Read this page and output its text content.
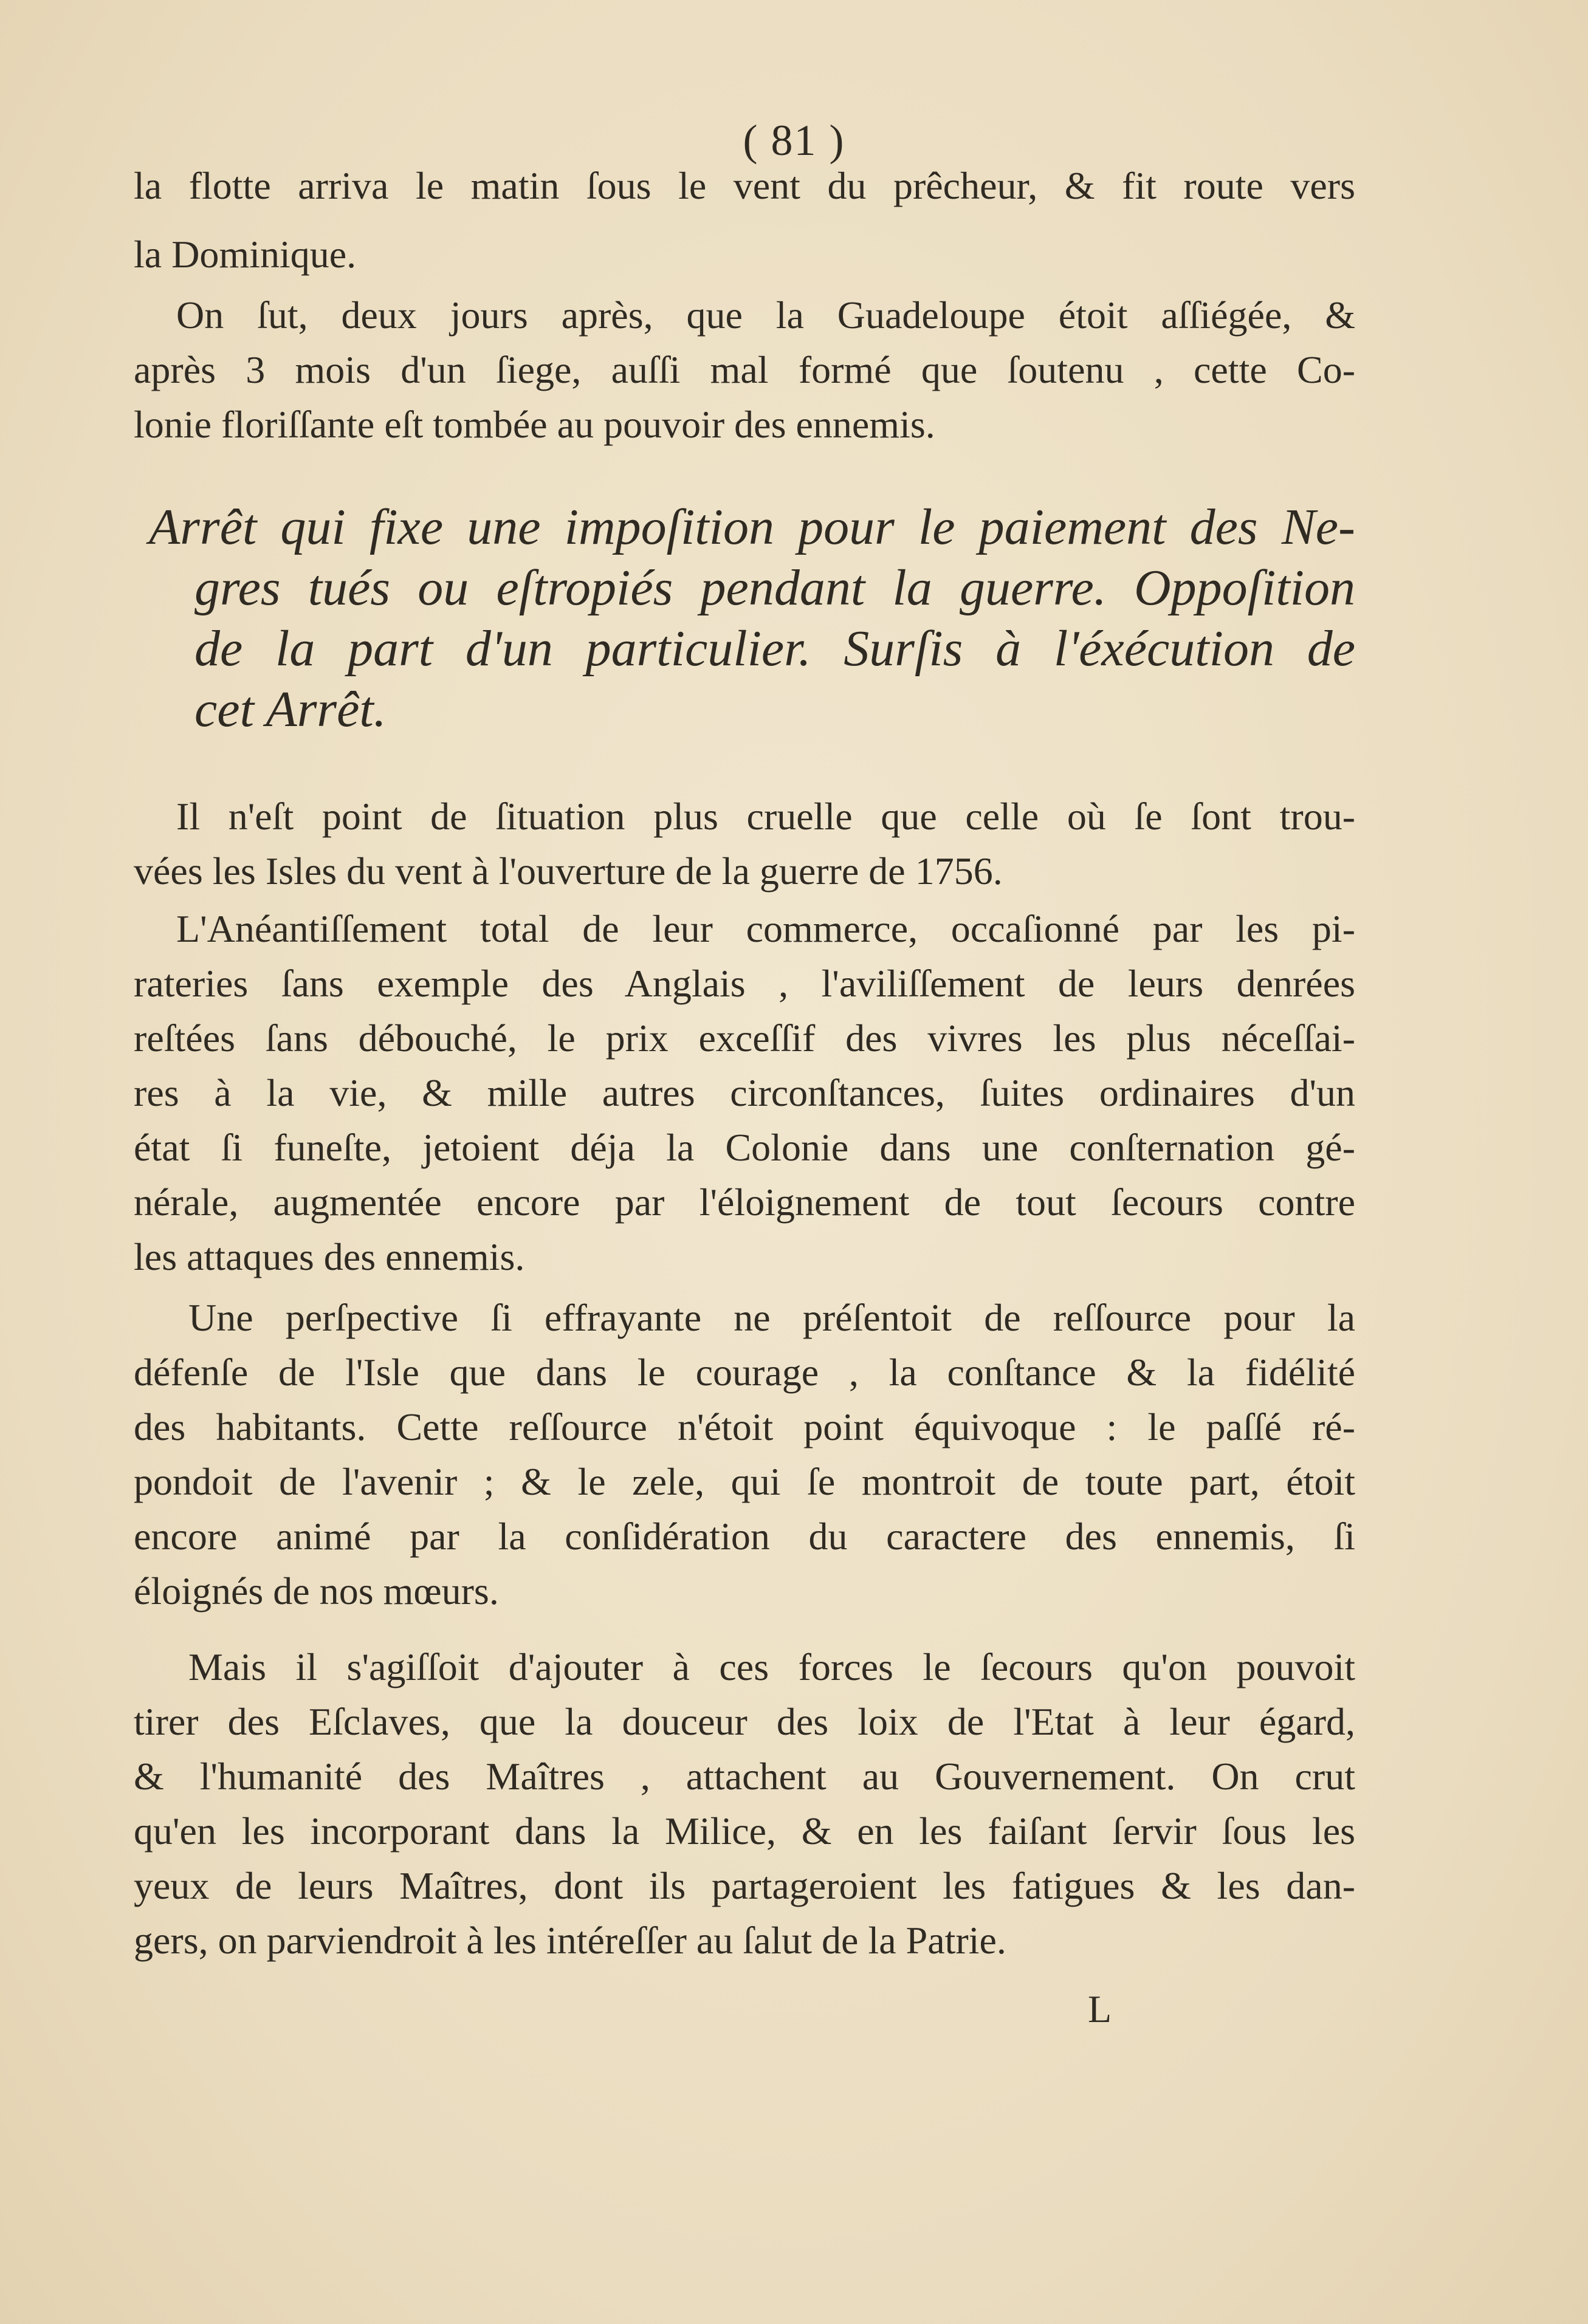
( 81 )
la flotte arriva le matin ſous le vent du prêcheur, & fit route vers
la Dominique.
On ſut, deux jours après, que la Guadeloupe étoit aſſiégée, &
après 3 mois d'un ſiege, auſſi mal formé que ſoutenu , cette Co-
lonie floriſſante eſt tombée au pouvoir des ennemis.
Arrêt qui fixe une impoſition pour le paiement des Ne-
gres tués ou eſtropiés pendant la guerre. Oppoſition
de la part d'un particulier. Surſis à l'éxécution de
cet Arrêt.
Il n'eſt point de ſituation plus cruelle que celle où ſe ſont trou-
vées les Isles du vent à l'ouverture de la guerre de 1756.
L'Anéantiſſement total de leur commerce, occaſionné par les pi-
rateries ſans exemple des Anglais , l'aviliſſement de leurs denrées
reſtées ſans débouché, le prix exceſſif des vivres les plus néceſſai-
res à la vie, & mille autres circonſtances, ſuites ordinaires d'un
état ſi funeſte, jetoient déja la Colonie dans une conſternation gé-
nérale, augmentée encore par l'éloignement de tout ſecours contre
les attaques des ennemis.
Une perſpective ſi effrayante ne préſentoit de reſſource pour la
défenſe de l'Isle que dans le courage , la conſtance & la fidélité
des habitants. Cette reſſource n'étoit point équivoque : le paſſé ré-
pondoit de l'avenir ; & le zele, qui ſe montroit de toute part, étoit
encore animé par la conſidération du caractere des ennemis, ſi
éloignés de nos mœurs.
Mais il s'agiſſoit d'ajouter à ces forces le ſecours qu'on pouvoit
tirer des Eſclaves, que la douceur des loix de l'Etat à leur égard,
& l'humanité des Maîtres , attachent au Gouvernement. On crut
qu'en les incorporant dans la Milice, & en les faiſant ſervir ſous les
yeux de leurs Maîtres, dont ils partageroient les fatigues & les dan-
gers, on parviendroit à les intéreſſer au ſalut de la Patrie.
L
